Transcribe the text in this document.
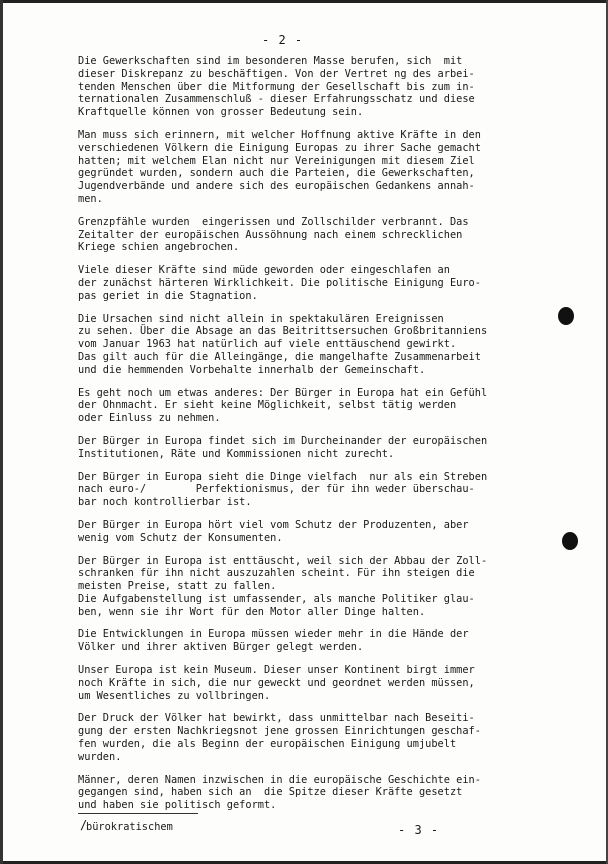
- 2 -

Die Gewerkschaften sind im besonderen Masse berufen, sich  mit
dieser Diskrepanz zu beschäftigen. Von der Vertret ng des arbei-
tenden Menschen über die Mitformung der Gesellschaft bis zum in-
ternationalen Zusammenschluß - dieser Erfahrungsschatz und diese
Kraftquelle können von grosser Bedeutung sein.

Man muss sich erinnern, mit welcher Hoffnung aktive Kräfte in den
verschiedenen Völkern die Einigung Europas zu ihrer Sache gemacht
hatten; mit welchem Elan nicht nur Vereinigungen mit diesem Ziel
gegründet wurden, sondern auch die Parteien, die Gewerkschaften,
Jugendverbände und andere sich des europäischen Gedankens annah-
men.

Grenzpfähle wurden  eingerissen und Zollschilder verbrannt. Das
Zeitalter der europäischen Aussöhnung nach einem schrecklichen
Kriege schien angebrochen.

Viele dieser Kräfte sind müde geworden oder eingeschlafen an
der zunächst härteren Wirklichkeit. Die politische Einigung Euro-
pas geriet in die Stagnation.

Die Ursachen sind nicht allein in spektakulären Ereignissen
zu sehen. Über die Absage an das Beitrittsersuchen Großbritanniens
vom Januar 1963 hat natürlich auf viele enttäuschend gewirkt.
Das gilt auch für die Alleingänge, die mangelhafte Zusammenarbeit
und die hemmenden Vorbehalte innerhalb der Gemeinschaft.

Es geht noch um etwas anderes: Der Bürger in Europa hat ein Gefühl
der Ohnmacht. Er sieht keine Möglichkeit, selbst tätig werden
oder Einluss zu nehmen.

Der Bürger in Europa findet sich im Durcheinander der europäischen
Institutionen, Räte und Kommissionen nicht zurecht.

Der Bürger in Europa sieht die Dinge vielfach  nur als ein Streben
nach euro-/        Perfektionismus, der für ihn weder überschau-
bar noch kontrollierbar ist.

Der Bürger in Europa hört viel vom Schutz der Produzenten, aber
wenig vom Schutz der Konsumenten.

Der Bürger in Europa ist enttäuscht, weil sich der Abbau der Zoll-
schranken für ihn nicht auszuzahlen scheint. Für ihn steigen die
meisten Preise, statt zu fallen.
Die Aufgabenstellung ist umfassender, als manche Politiker glau-
ben, wenn sie ihr Wort für den Motor aller Dinge halten.

Die Entwicklungen in Europa müssen wieder mehr in die Hände der
Völker und ihrer aktiven Bürger gelegt werden.

Unser Europa ist kein Museum. Dieser unser Kontinent birgt immer
noch Kräfte in sich, die nur geweckt und geordnet werden müssen,
um Wesentliches zu vollbringen.

Der Druck der Völker hat bewirkt, dass unmittelbar nach Beseiti-
gung der ersten Nachkriegsnot jene grossen Einrichtungen geschaf-
fen wurden, die als Beginn der europäischen Einigung umjubelt
wurden.

Männer, deren Namen inzwischen in die europäische Geschichte ein-
gegangen sind, haben sich an  die Spitze dieser Kräfte gesetzt
und haben sie politisch geformt.

/
bürokratischem	- 3 -
